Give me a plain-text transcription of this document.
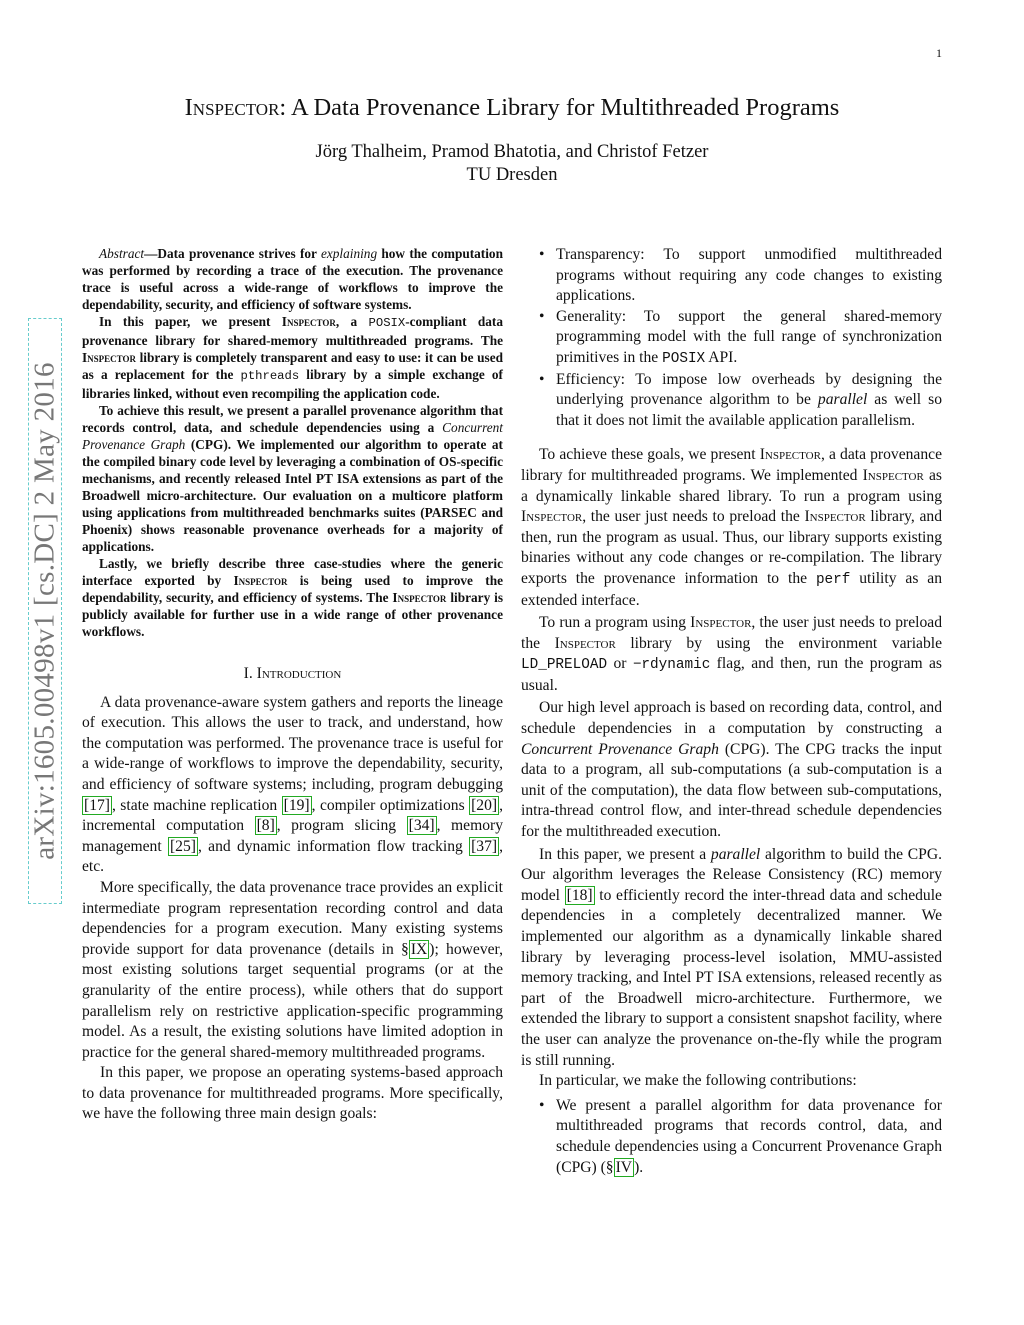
1
arXiv:1605.00498v1 [cs.DC] 2 May 2016
Inspector: A Data Provenance Library for Multithreaded Programs
Jörg Thalheim, Pramod Bhatotia, and Christof Fetzer
TU Dresden

Abstract—Data provenance strives for explaining how the computation was performed by recording a trace of the execution. The provenance trace is useful across a wide-range of workflows to improve the dependability, security, and efficiency of software systems.

In this paper, we present Inspector, a POSIX-compliant data provenance library for shared-memory multithreaded programs. The Inspector library is completely transparent and easy to use: it can be used as a replacement for the pthreads library by a simple exchange of libraries linked, without even recompiling the application code.

To achieve this result, we present a parallel provenance algorithm that records control, data, and schedule dependencies using a Concurrent Provenance Graph (CPG). We implemented our algorithm to operate at the compiled binary code level by leveraging a combination of OS-specific mechanisms, and recently released Intel PT ISA extensions as part of the Broadwell micro-architecture. Our evaluation on a multicore platform using applications from multithreaded benchmarks suites (PARSEC and Phoenix) shows reasonable provenance overheads for a majority of applications.

Lastly, we briefly describe three case-studies where the generic interface exported by Inspector is being used to improve the dependability, security, and efficiency of systems. The Inspector library is publicly available for further use in a wide range of other provenance workflows.

I. Introduction

A data provenance-aware system gathers and reports the lineage of execution. This allows the user to track, and understand, how the computation was performed. The provenance trace is useful for a wide-range of workflows to improve the dependability, security, and efficiency of software systems; including, program debugging [17] , state machine replication [19] , compiler optimizations [20] , incremental computation [8] , program slicing [34] , memory management [25] , and dynamic information flow tracking [37] , etc.

More specifically, the data provenance trace provides an explicit intermediate program representation recording control and data dependencies for a program execution. Many existing systems provide support for data provenance (details in § IX ); however, most existing solutions target sequential programs (or at the granularity of the entire process), while others that do support parallelism rely on restrictive application-specific programming model. As a result, the existing solutions have limited adoption in practice for the general shared-memory multithreaded programs.

In this paper, we propose an operating systems-based approach to data provenance for multithreaded programs. More specifically, we have the following three main design goals:

• Transparency: To support unmodified multithreaded programs without requiring any code changes to existing applications.
• Generality: To support the general shared-memory programming model with the full range of synchronization primitives in the POSIX API.
• Efficiency: To impose low overheads by designing the underlying provenance algorithm to be parallel as well so that it does not limit the available application parallelism.

To achieve these goals, we present Inspector, a data provenance library for multithreaded programs. We implemented Inspector as a dynamically linkable shared library. To run a program using Inspector, the user just needs to preload the Inspector library, and then, run the program as usual. Thus, our library supports existing binaries without any code changes or re-compilation. The library exports the provenance information to the perf utility as an extended interface.

To run a program using Inspector, the user just needs to preload the Inspector library by using the environment variable LD_PRELOAD or −rdynamic flag, and then, run the program as usual.

Our high level approach is based on recording data, control, and schedule dependencies in a computation by constructing a Concurrent Provenance Graph (CPG). The CPG tracks the input data to a program, all sub-computations (a sub-computation is a unit of the computation), the data flow between sub-computations, intra-thread control flow, and inter-thread schedule dependencies for the multithreaded execution.

In this paper, we present a parallel algorithm to build the CPG. Our algorithm leverages the Release Consistency (RC) memory model [18] to efficiently record the inter-thread data and schedule dependencies in a completely decentralized manner. We implemented our algorithm as a dynamically linkable shared library by leveraging process-level isolation, MMU-assisted memory tracking, and Intel PT ISA extensions, released recently as part of the Broadwell micro-architecture. Furthermore, we extended the library to support a consistent snapshot facility, where the user can analyze the provenance on-the-fly while the program is still running.

In particular, we make the following contributions:

• We present a parallel algorithm for data provenance for multithreaded programs that records control, data, and schedule dependencies using a Concurrent Provenance Graph (CPG) (§ IV ).
